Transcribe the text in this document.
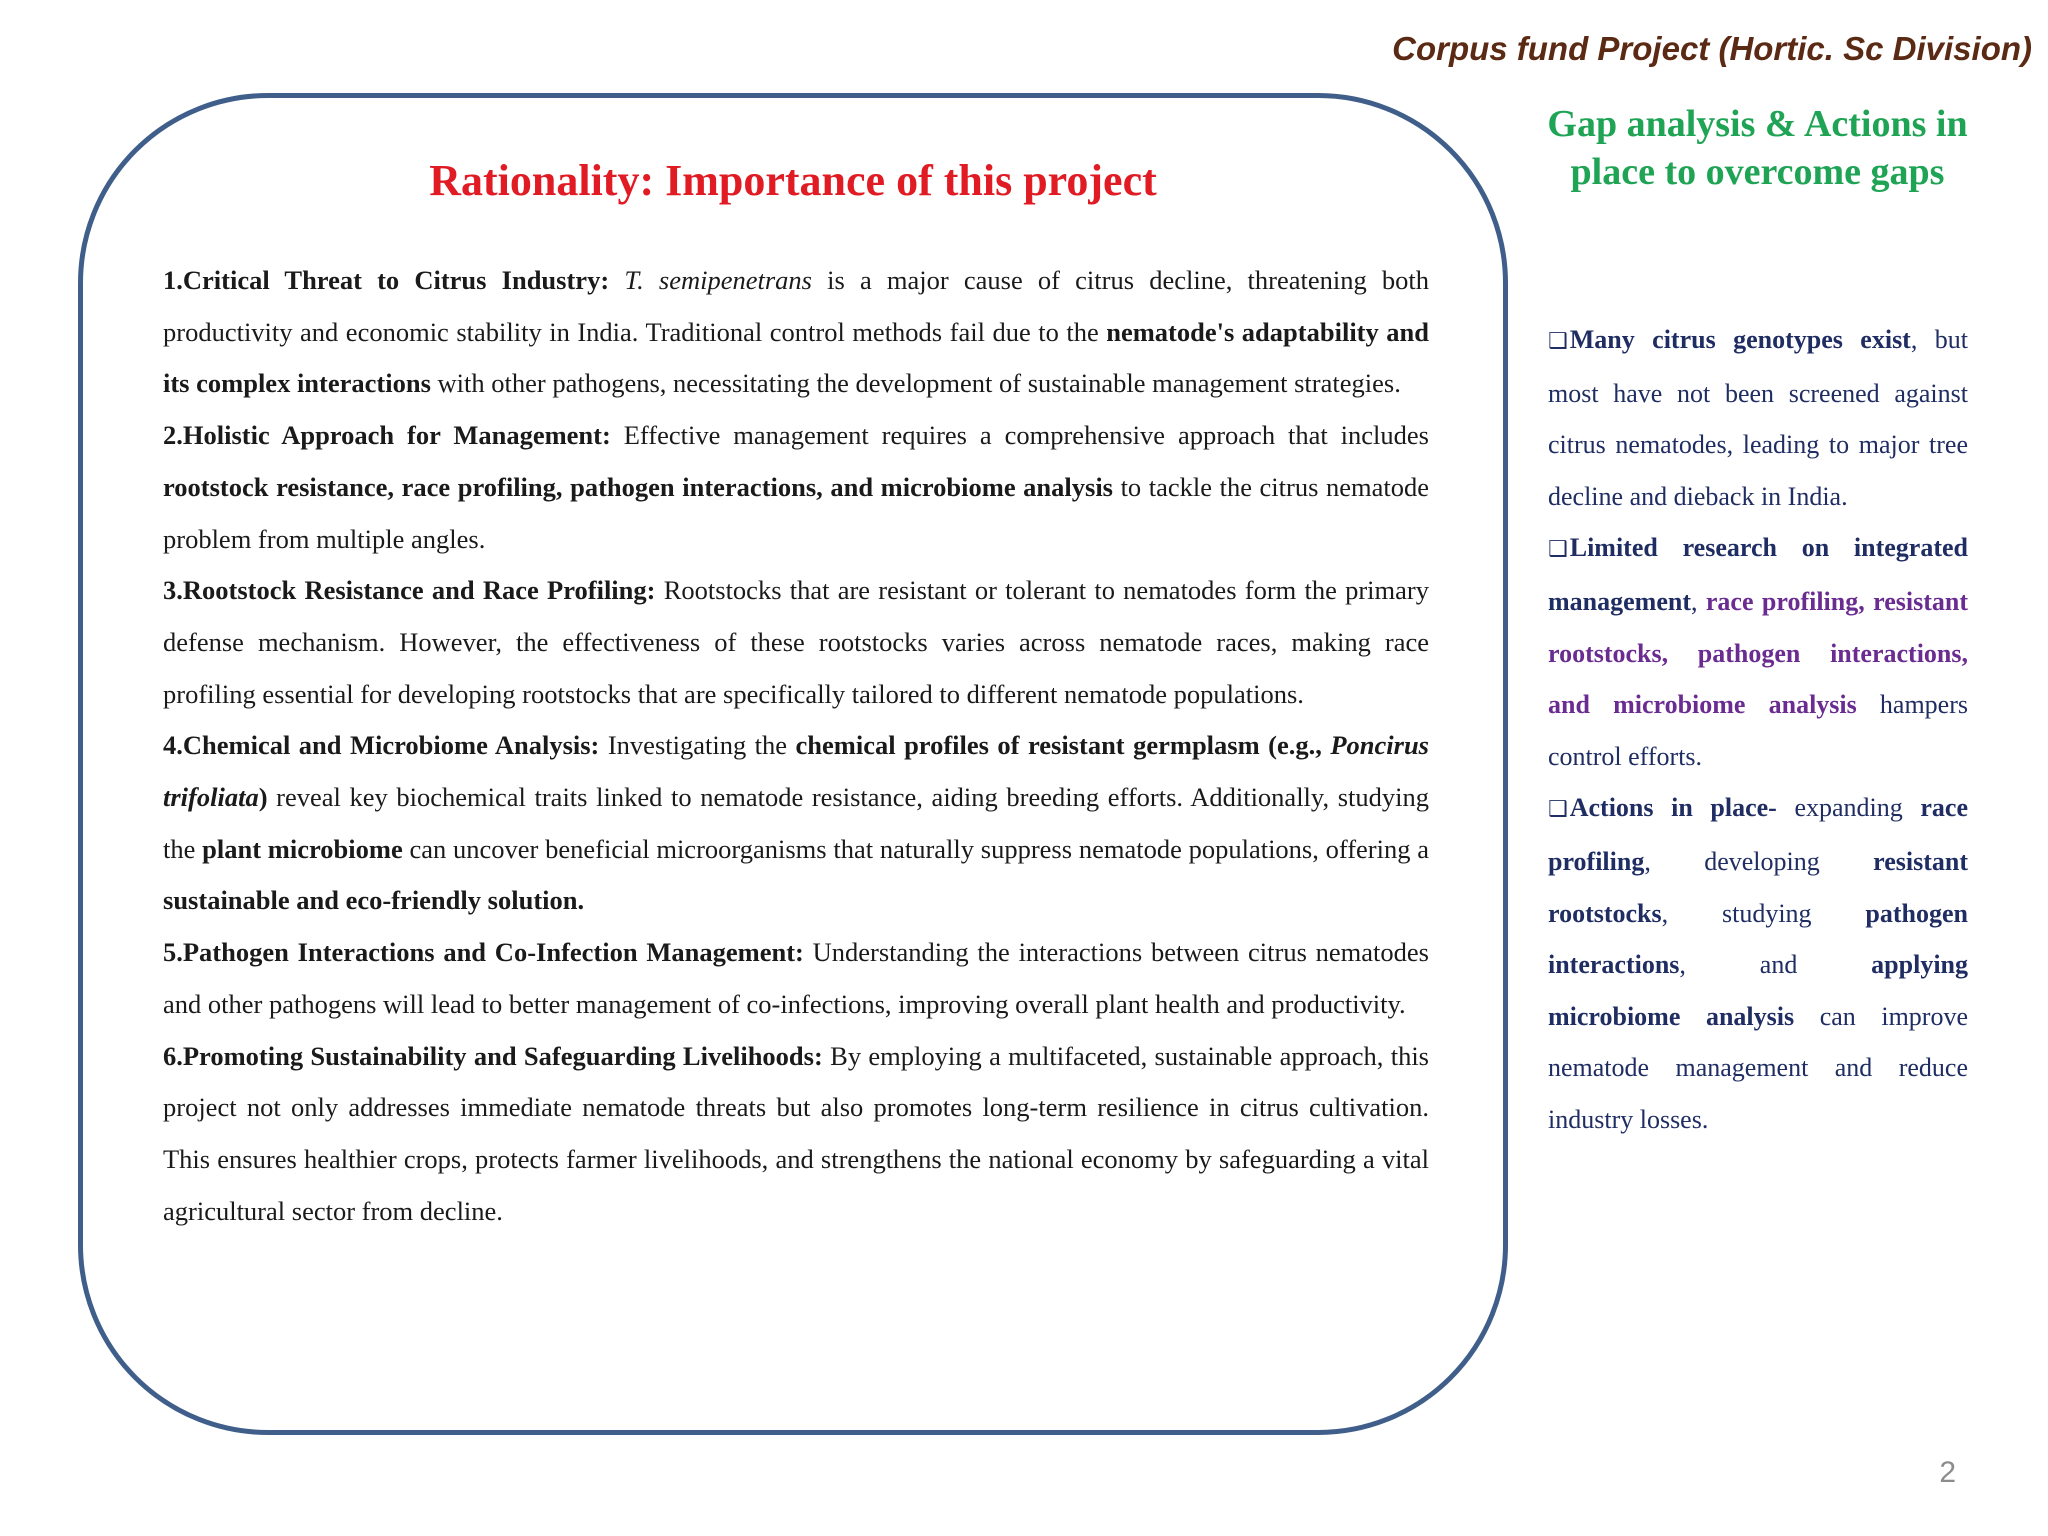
Corpus fund Project (Hortic. Sc Division)
Rationality: Importance of this project

1.Critical Threat to Citrus Industry: T. semipenetrans is a major cause of citrus decline, threatening both productivity and economic stability in India. Traditional control methods fail due to the nematode's adaptability and its complex interactions with other pathogens, necessitating the development of sustainable management strategies.

2.Holistic Approach for Management: Effective management requires a comprehensive approach that includes rootstock resistance, race profiling, pathogen interactions, and microbiome analysis to tackle the citrus nematode problem from multiple angles.

3.Rootstock Resistance and Race Profiling: Rootstocks that are resistant or tolerant to nematodes form the primary defense mechanism. However, the effectiveness of these rootstocks varies across nematode races, making race profiling essential for developing rootstocks that are specifically tailored to different nematode populations.

4.Chemical and Microbiome Analysis: Investigating the chemical profiles of resistant germplasm (e.g., Poncirus trifoliata) reveal key biochemical traits linked to nematode resistance, aiding breeding efforts. Additionally, studying the plant microbiome can uncover beneficial microorganisms that naturally suppress nematode populations, offering a sustainable and eco-friendly solution.

5.Pathogen Interactions and Co-Infection Management: Understanding the interactions between citrus nematodes and other pathogens will lead to better management of co-infections, improving overall plant health and productivity.

6.Promoting Sustainability and Safeguarding Livelihoods: By employing a multifaceted, sustainable approach, this project not only addresses immediate nematode threats but also promotes long-term resilience in citrus cultivation. This ensures healthier crops, protects farmer livelihoods, and strengthens the national economy by safeguarding a vital agricultural sector from decline.

Gap analysis & Actions in place to overcome gaps

❑Many citrus genotypes exist, but most have not been screened against citrus nematodes, leading to major tree decline and dieback in India.

❑Limited research on integrated management, race profiling, resistant rootstocks, pathogen interactions, and microbiome analysis hampers control efforts.

❑Actions in place- expanding race profiling, developing resistant rootstocks, studying pathogen interactions, and applying microbiome analysis can improve nematode management and reduce industry losses.

2
